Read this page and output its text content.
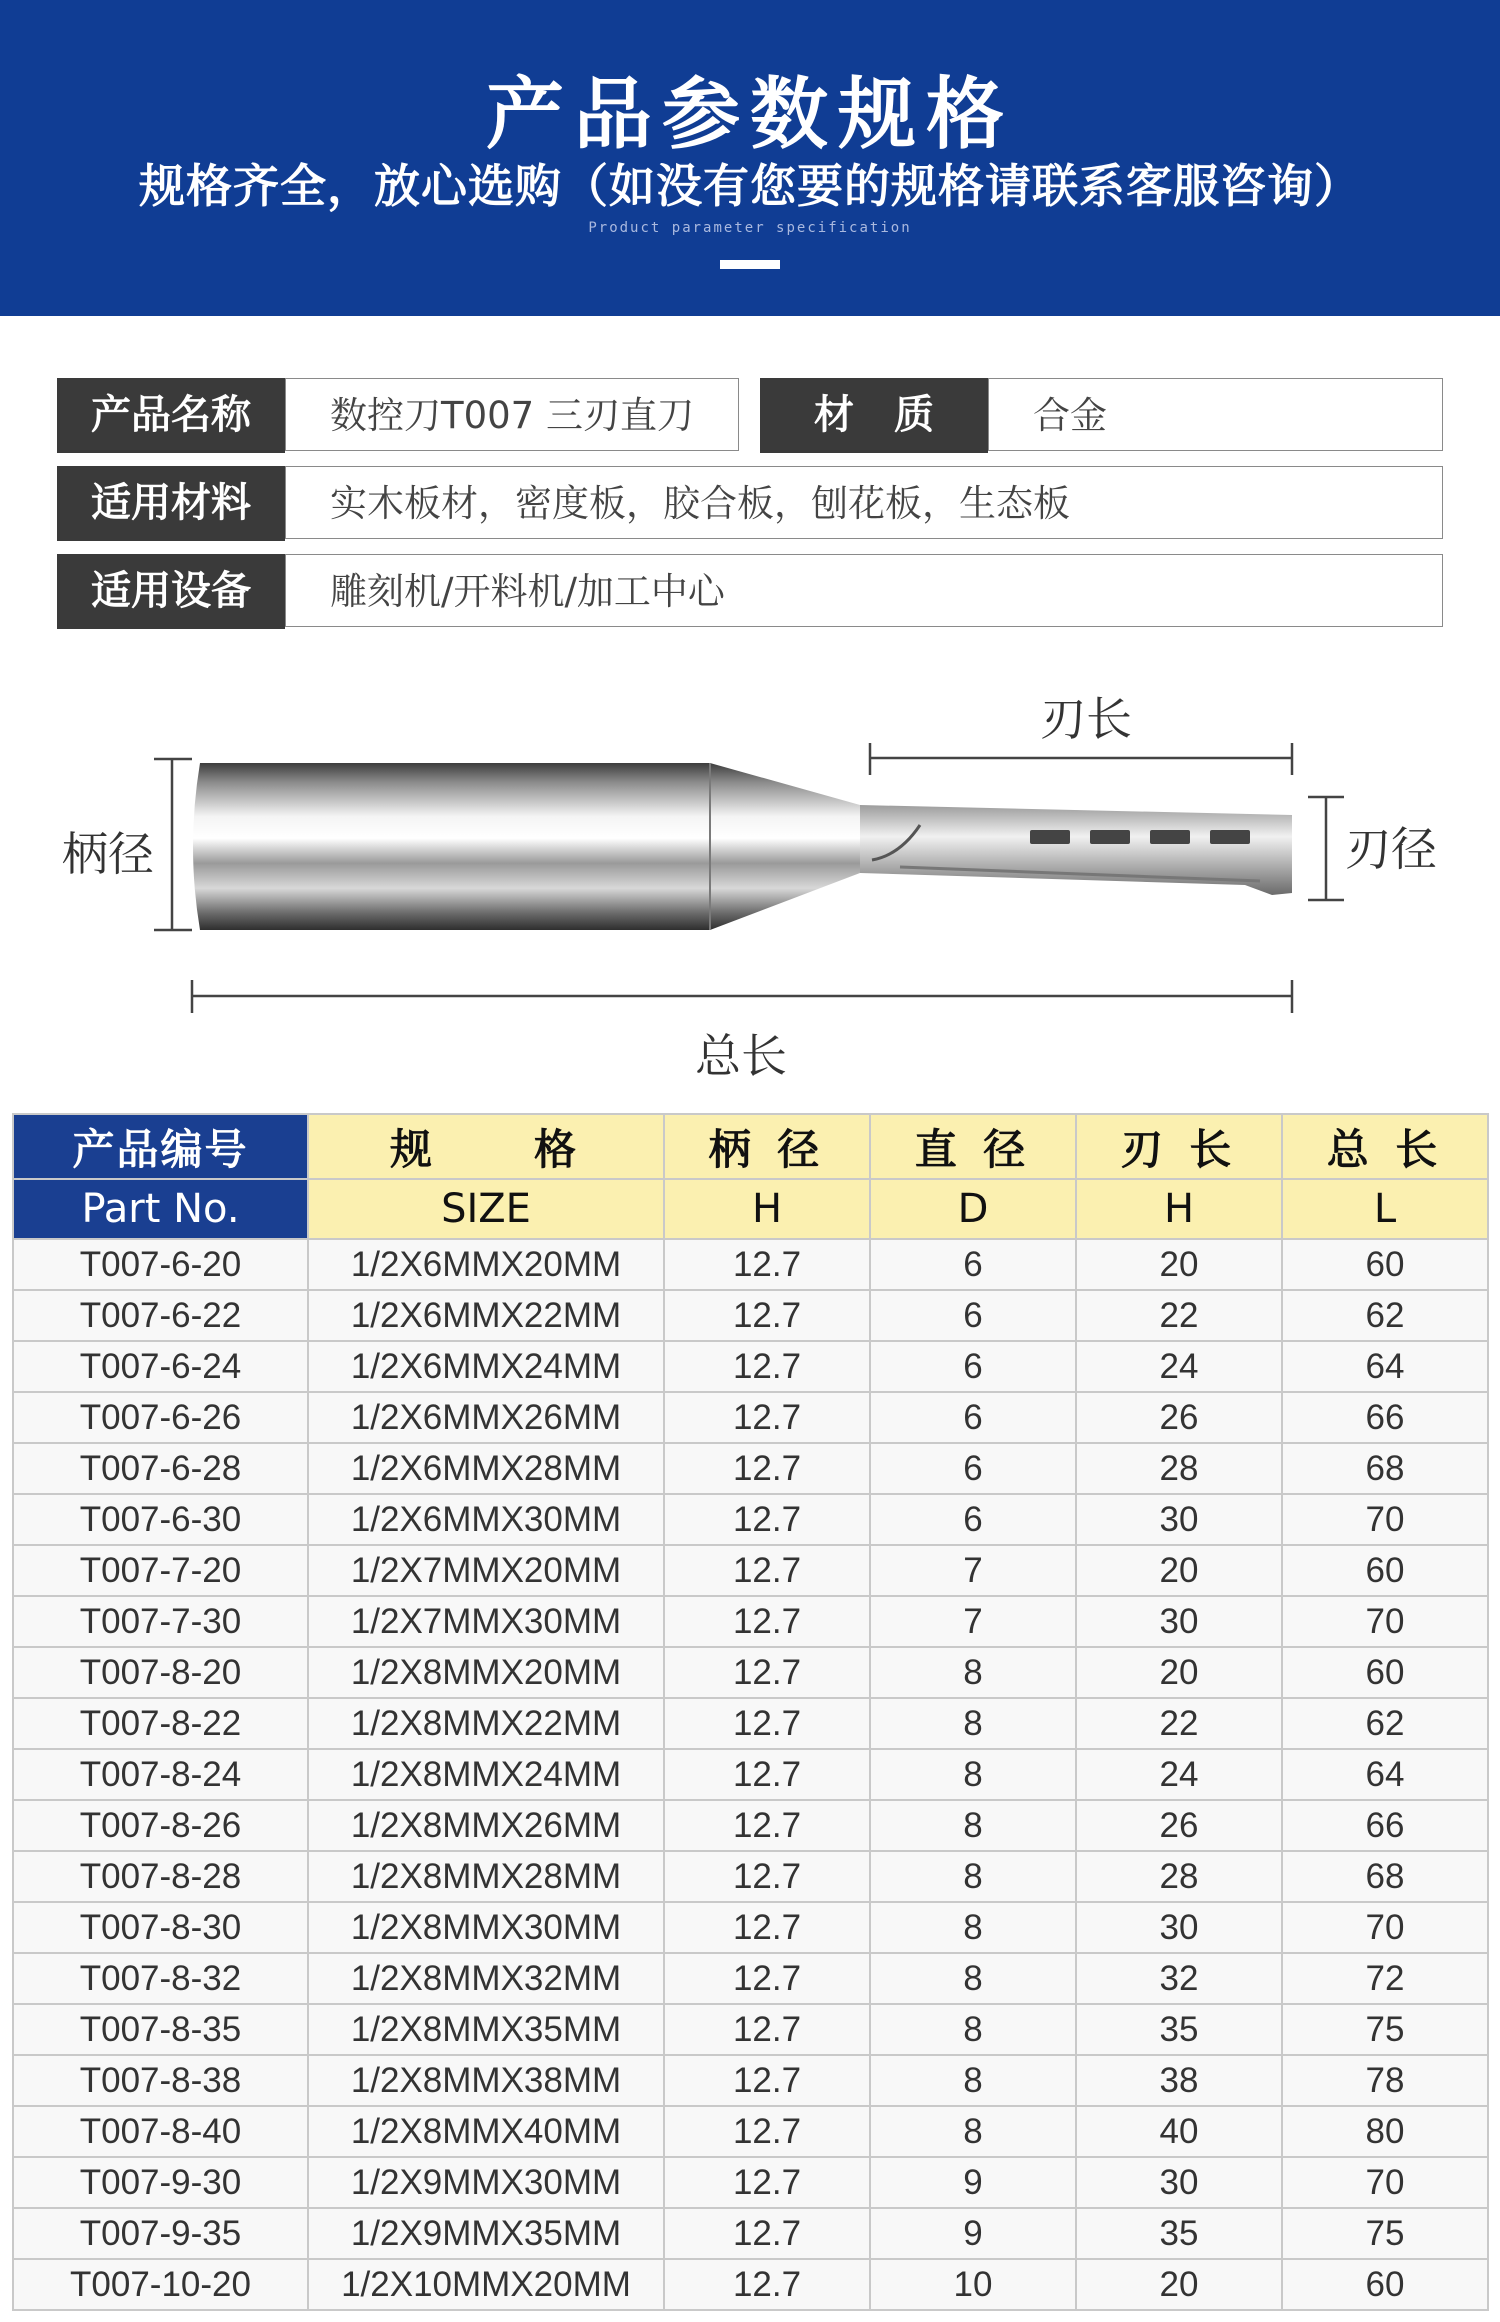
产品参数规格
规格齐全，放心选购（如没有您要的规格请联系客服咨询）
Product parameter specification
产品名称	数控刀T007 三刃直刀	材　质	合金
适用材料	实木板材，密度板，胶合板，刨花板，生态板
适用设备	雕刻机/开料机/加工中心
柄径
刃长
刃径
总长
产品编号	规　　格	柄 径	直 径	刃 长	总 长
Part No.	SIZE	H	D	H	L
T007-6-20	1/2X6MMX20MM	12.7	6	20	60
T007-6-22	1/2X6MMX22MM	12.7	6	22	62
T007-6-24	1/2X6MMX24MM	12.7	6	24	64
T007-6-26	1/2X6MMX26MM	12.7	6	26	66
T007-6-28	1/2X6MMX28MM	12.7	6	28	68
T007-6-30	1/2X6MMX30MM	12.7	6	30	70
T007-7-20	1/2X7MMX20MM	12.7	7	20	60
T007-7-30	1/2X7MMX30MM	12.7	7	30	70
T007-8-20	1/2X8MMX20MM	12.7	8	20	60
T007-8-22	1/2X8MMX22MM	12.7	8	22	62
T007-8-24	1/2X8MMX24MM	12.7	8	24	64
T007-8-26	1/2X8MMX26MM	12.7	8	26	66
T007-8-28	1/2X8MMX28MM	12.7	8	28	68
T007-8-30	1/2X8MMX30MM	12.7	8	30	70
T007-8-32	1/2X8MMX32MM	12.7	8	32	72
T007-8-35	1/2X8MMX35MM	12.7	8	35	75
T007-8-38	1/2X8MMX38MM	12.7	8	38	78
T007-8-40	1/2X8MMX40MM	12.7	8	40	80
T007-9-30	1/2X9MMX30MM	12.7	9	30	70
T007-9-35	1/2X9MMX35MM	12.7	9	35	75
T007-10-20	1/2X10MMX20MM	12.7	10	20	60
